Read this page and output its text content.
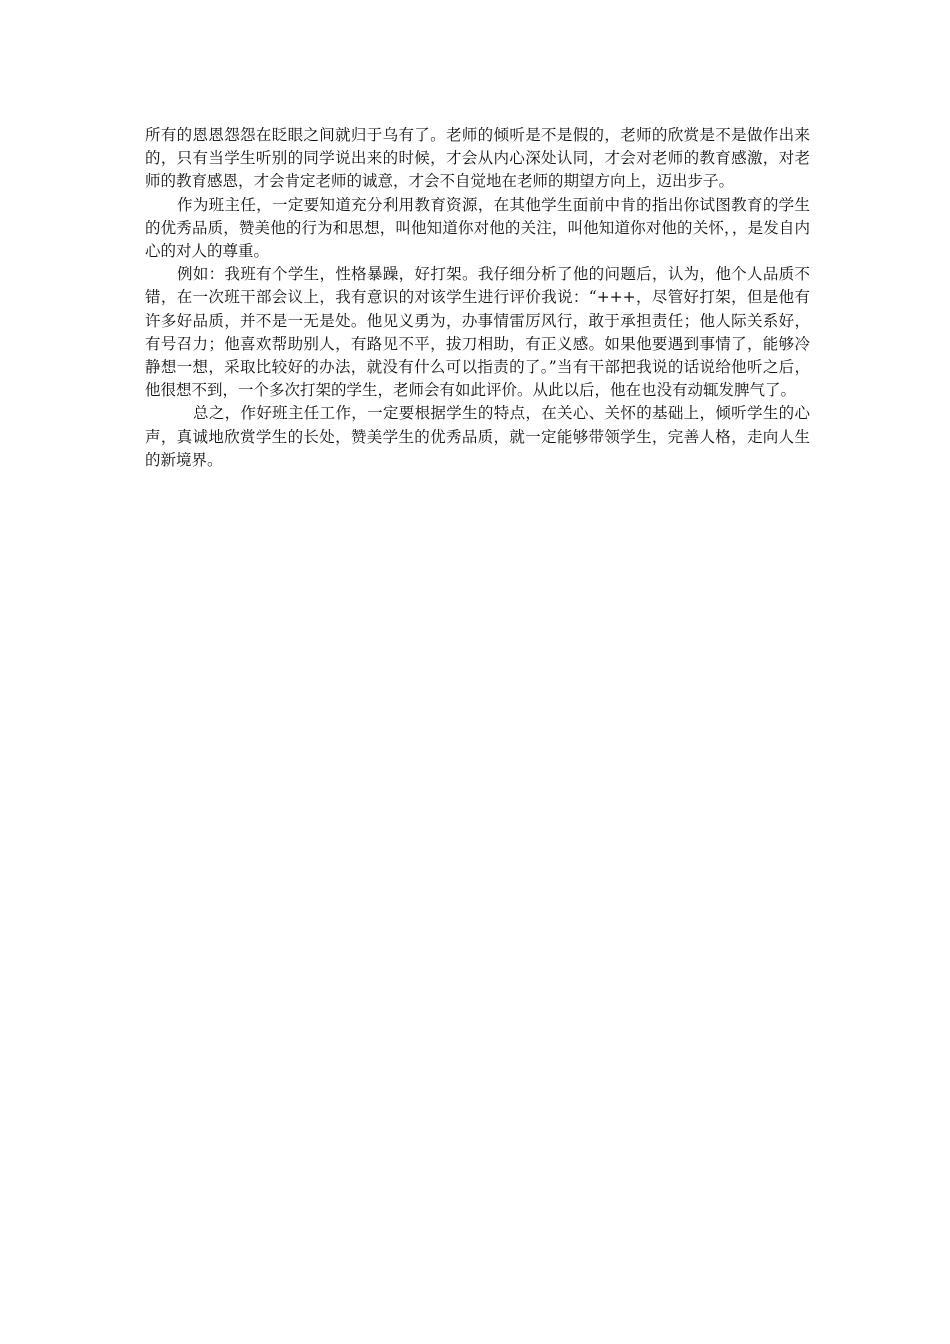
所有的恩恩怨怨在眨眼之间就归于乌有了。老师的倾听是不是假的，老师的欣赏是不是做作出来的，只有当学生听别的同学说出来的时候，才会从内心深处认同，才会对老师的教育感激，对老师的教育感恩，才会肯定老师的诚意，才会不自觉地在老师的期望方向上，迈出步子。

作为班主任，一定要知道充分利用教育资源，在其他学生面前中肯的指出你试图教育的学生的优秀品质，赞美他的行为和思想，叫他知道你对他的关注，叫他知道你对他的关怀，，是发自内心的对人的尊重。

例如：我班有个学生，性格暴躁，好打架。我仔细分析了他的问题后，认为，他个人品质不错，在一次班干部会议上，我有意识的对该学生进行评价我说：“+++，尽管好打架，但是他有许多好品质，并不是一无是处。他见义勇为，办事情雷厉风行，敢于承担责任；他人际关系好，有号召力；他喜欢帮助别人，有路见不平，拔刀相助，有正义感。如果他要遇到事情了，能够冷静想一想，采取比较好的办法，就没有什么可以指责的了。”当有干部把我说的话说给他听之后，他很想不到，一个多次打架的学生，老师会有如此评价。从此以后，他在也没有动辄发脾气了。

总之，作好班主任工作，一定要根据学生的特点，在关心、关怀的基础上，倾听学生的心声，真诚地欣赏学生的长处，赞美学生的优秀品质，就一定能够带领学生，完善人格，走向人生的新境界。
